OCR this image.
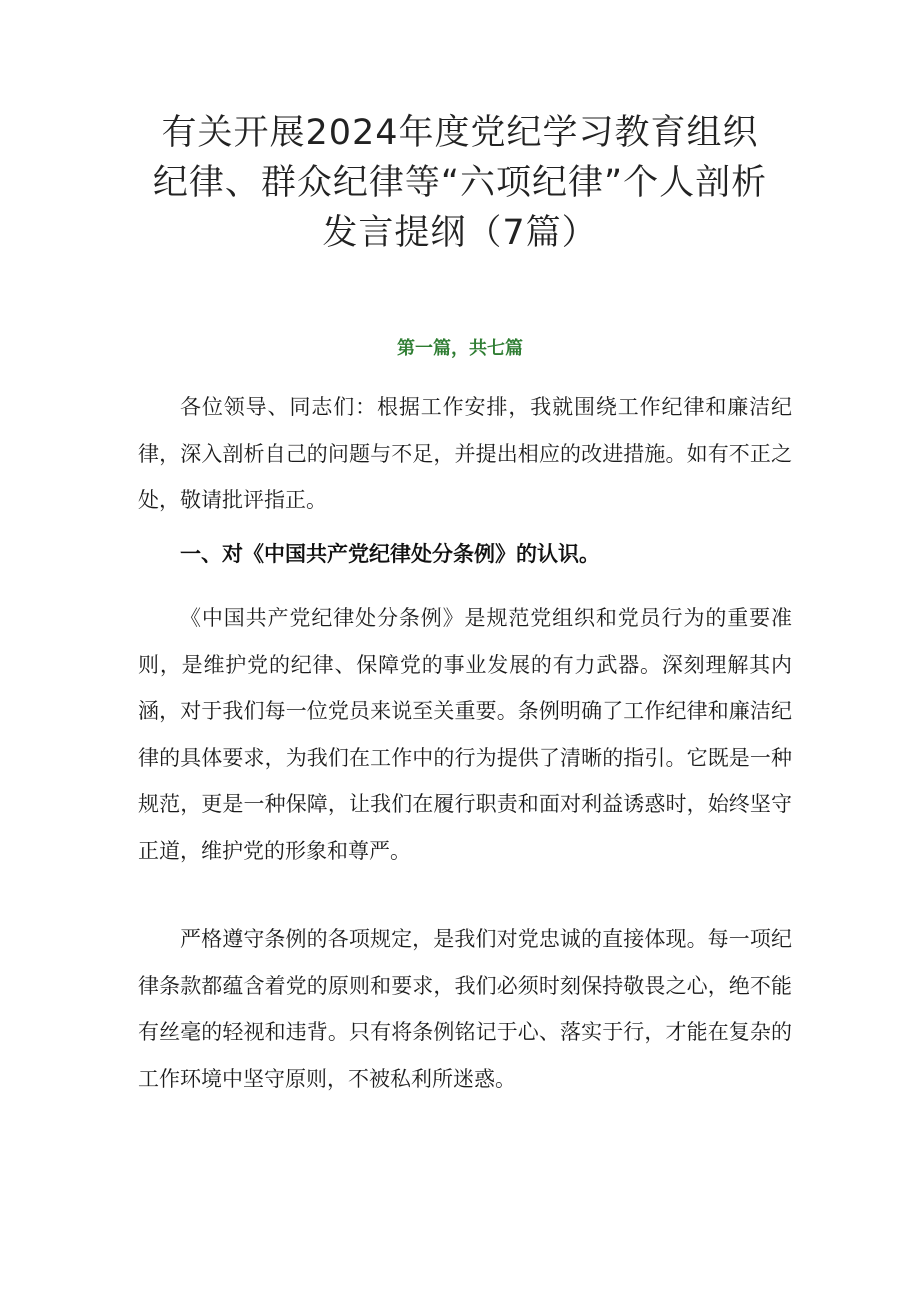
有关开展2024年度党纪学习教育组织纪律、群众纪律等“六项纪律”个人剖析发言提纲（7篇）

第一篇，共七篇

各位领导、同志们：根据工作安排，我就围绕工作纪律和廉洁纪律，深入剖析自己的问题与不足，并提出相应的改进措施。如有不正之处，敬请批评指正。

一、对《中国共产党纪律处分条例》的认识。

《中国共产党纪律处分条例》是规范党组织和党员行为的重要准则，是维护党的纪律、保障党的事业发展的有力武器。深刻理解其内涵，对于我们每一位党员来说至关重要。条例明确了工作纪律和廉洁纪律的具体要求，为我们在工作中的行为提供了清晰的指引。它既是一种规范，更是一种保障，让我们在履行职责和面对利益诱惑时，始终坚守正道，维护党的形象和尊严。

严格遵守条例的各项规定，是我们对党忠诚的直接体现。每一项纪律条款都蕴含着党的原则和要求，我们必须时刻保持敬畏之心，绝不能有丝毫的轻视和违背。只有将条例铭记于心、落实于行，才能在复杂的工作环境中坚守原则，不被私利所迷惑。
